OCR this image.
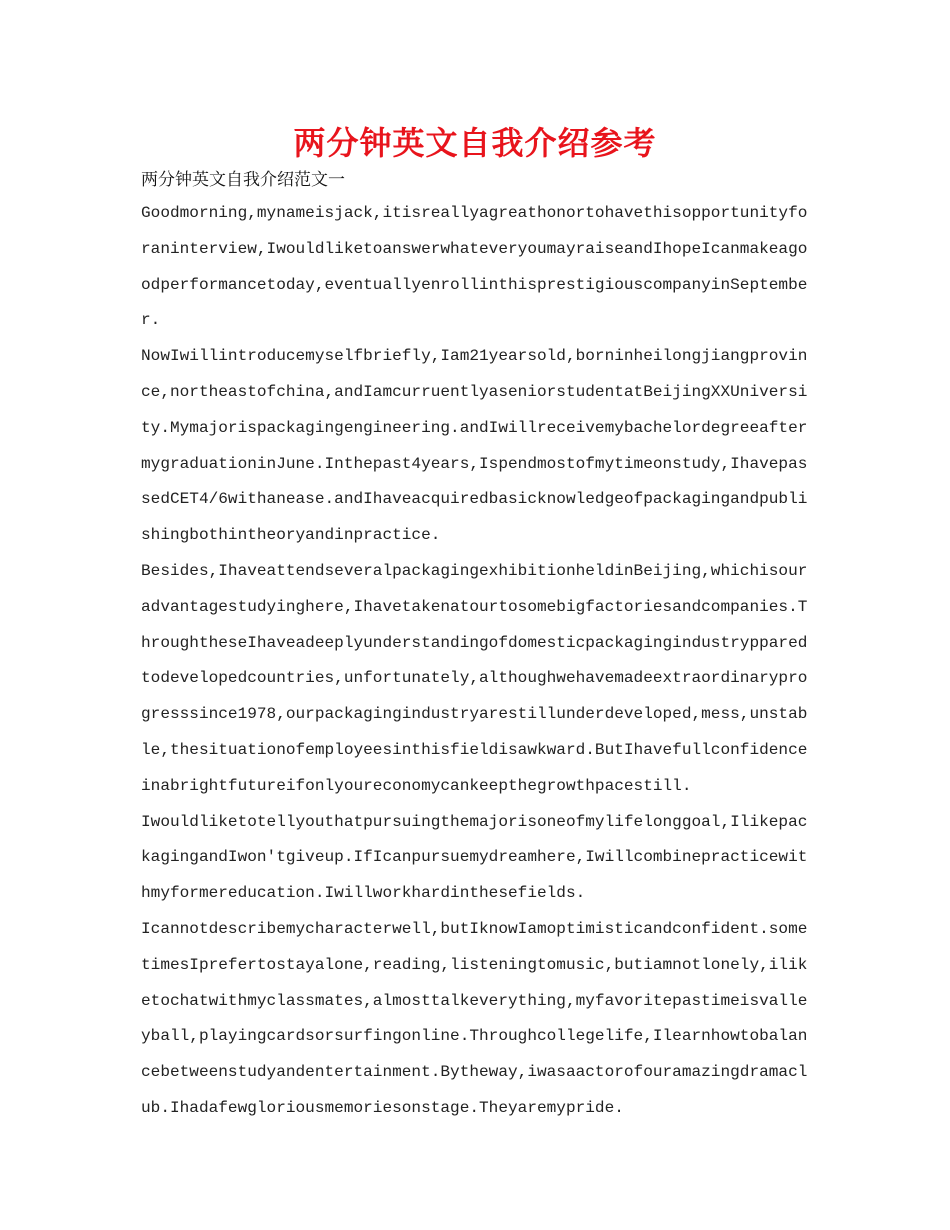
两分钟英文自我介绍参考
两分钟英文自我介绍范文一

Goodmorning,mynameisjack,itisreallyagreathonortohavethisopportunityforaninterview,IwouldliketoanswerwhateveryoumayraiseandIhopeIcanmakeagoodperformancetoday,eventuallyenrollinthisprestigiouscompanyinSeptember.

NowIwillintroducemyselfbriefly,Iam21yearsold,borninheilongjiangprovince,northeastofchina,andIamcurruentlyaseniorstudentatBeijingXXUniversity.Mymajorispackagingengineering.andIwillreceivemybachelordegreeaftermygraduationinJune.Inthepast4years,Ispendmostofmytimeonstudy,IhavepassedCET4/6withanease.andIhaveacquiredbasicknowledgeofpackagingandpublishingbothintheoryandinpractice.

Besides,IhaveattendseveralpackagingexhibitionheldinBeijing,whichisouradvantagestudyinghere,Ihavetakenatourtosomebigfactoriesandcompanies.ThroughtheseIhaveadeeplyunderstandingofdomesticpackagingindustrypparedtodevelopedcountries,unfortunately,althoughwehavemadeextraordinaryprogresssince1978,ourpackagingindustryarestillunderdeveloped,mess,unstable,thesituationofemployeesinthisfieldisawkward.ButIhavefullconfidenceinabrightfutureifonlyoureconomycankeepthegrowthpacestill.

Iwouldliketotellyouthatpursuingthemajorisoneofmylifelonggoal,IlikepackagingandIwon'tgiveup.IfIcanpursuemydreamhere,Iwillcombinepracticewithmyformereducation.Iwillworkhardinthesefields.

Icannotdescribemycharacterwell,butIknowIamoptimisticandconfident.sometimesIprefertostayalone,reading,listeningtomusic,butiamnotlonely,iliketochatwithmyclassmates,almosttalkeverything,myfavoritepastimeisvalleyball,playingcardsorsurfingonline.Throughcollegelife,Ilearnhowtobalancebetweenstudyandentertainment.Bytheway,iwasaactorofouramazingdramaclub.Ihadafewgloriousmemoriesonstage.Theyaremypride.
